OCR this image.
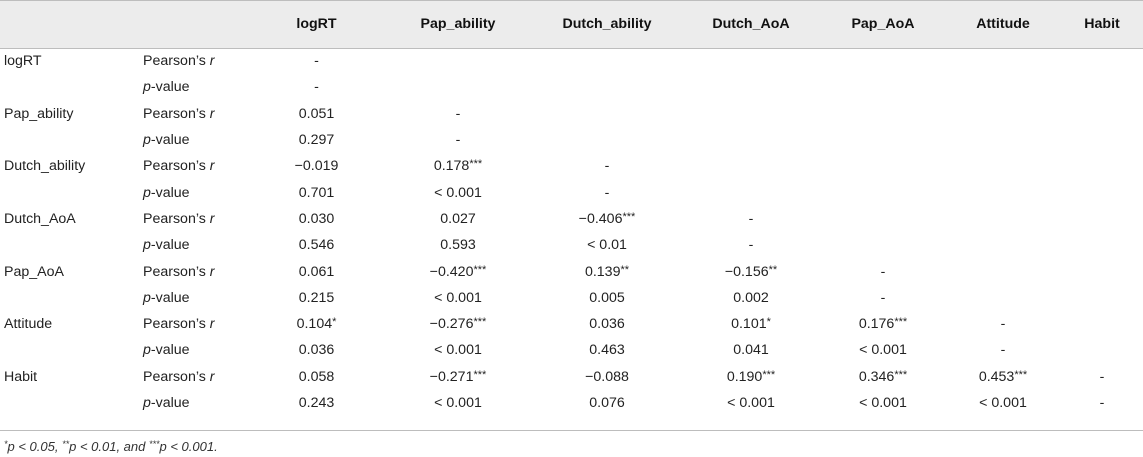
		logRT	Pap_ability	Dutch_ability	Dutch_AoA	Pap_AoA	Attitude	Habit
logRT	Pearson’s r	-						
	p-value	-						
Pap_ability	Pearson’s r	0.051	-					
	p-value	0.297	-					
Dutch_ability	Pearson’s r	−0.019	0.178***	-				
	p-value	0.701	< 0.001	-				
Dutch_AoA	Pearson’s r	0.030	0.027	−0.406***	-			
	p-value	0.546	0.593	< 0.01	-			
Pap_AoA	Pearson’s r	0.061	−0.420***	0.139**	−0.156**	-		
	p-value	0.215	< 0.001	0.005	0.002	-		
Attitude	Pearson’s r	0.104*	−0.276***	0.036	0.101*	0.176***	-	
	p-value	0.036	< 0.001	0.463	0.041	< 0.001	-	
Habit	Pearson’s r	0.058	−0.271***	−0.088	0.190***	0.346***	0.453***	-
	p-value	0.243	< 0.001	0.076	< 0.001	< 0.001	< 0.001	-
*p < 0.05, **p < 0.01, and ***p < 0.001.
